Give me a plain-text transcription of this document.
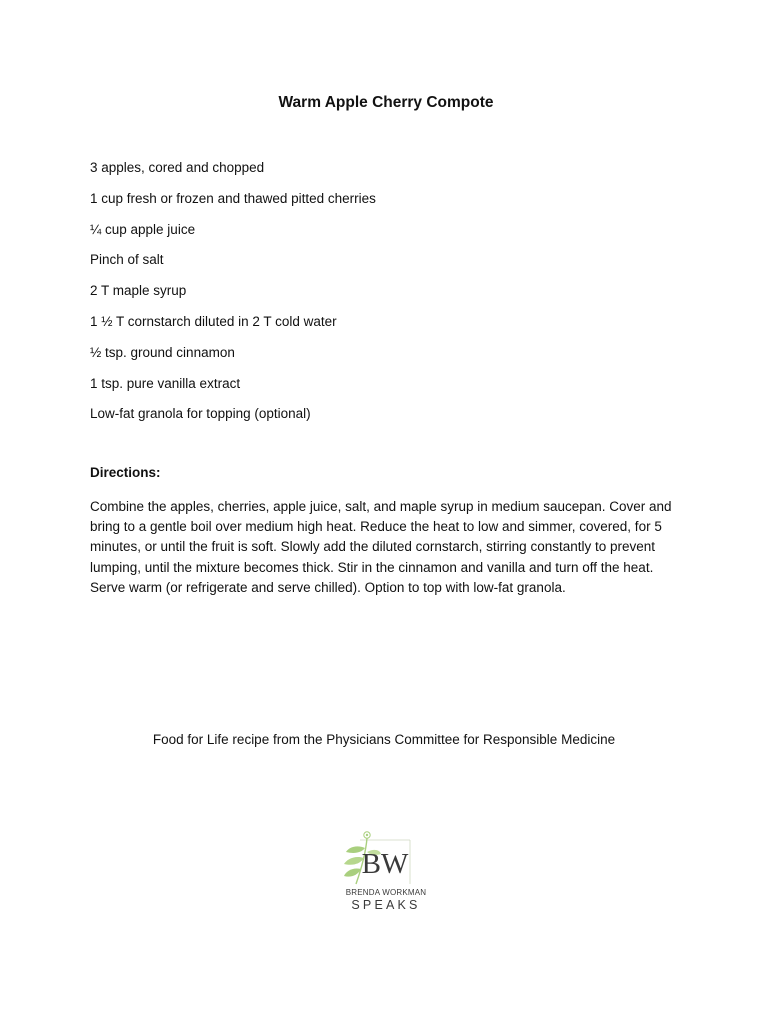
Warm Apple Cherry Compote
3 apples, cored and chopped
1 cup fresh or frozen and thawed pitted cherries
¼ cup apple juice
Pinch of salt
2 T maple syrup
1 ½ T cornstarch diluted in 2 T cold water
½ tsp. ground cinnamon
1 tsp. pure vanilla extract
Low-fat granola for topping (optional)
Directions:

Combine the apples, cherries, apple juice, salt, and maple syrup in medium saucepan. Cover and bring to a gentle boil over medium high heat. Reduce the heat to low and simmer, covered, for 5 minutes, or until the fruit is soft. Slowly add the diluted cornstarch, stirring constantly to prevent lumping, until the mixture becomes thick. Stir in the cinnamon and vanilla and turn off the heat. Serve warm (or refrigerate and serve chilled). Option to top with low-fat granola.

Food for Life recipe from the Physicians Committee for Responsible Medicine

BW
BRENDA WORKMAN
SPEAKS
